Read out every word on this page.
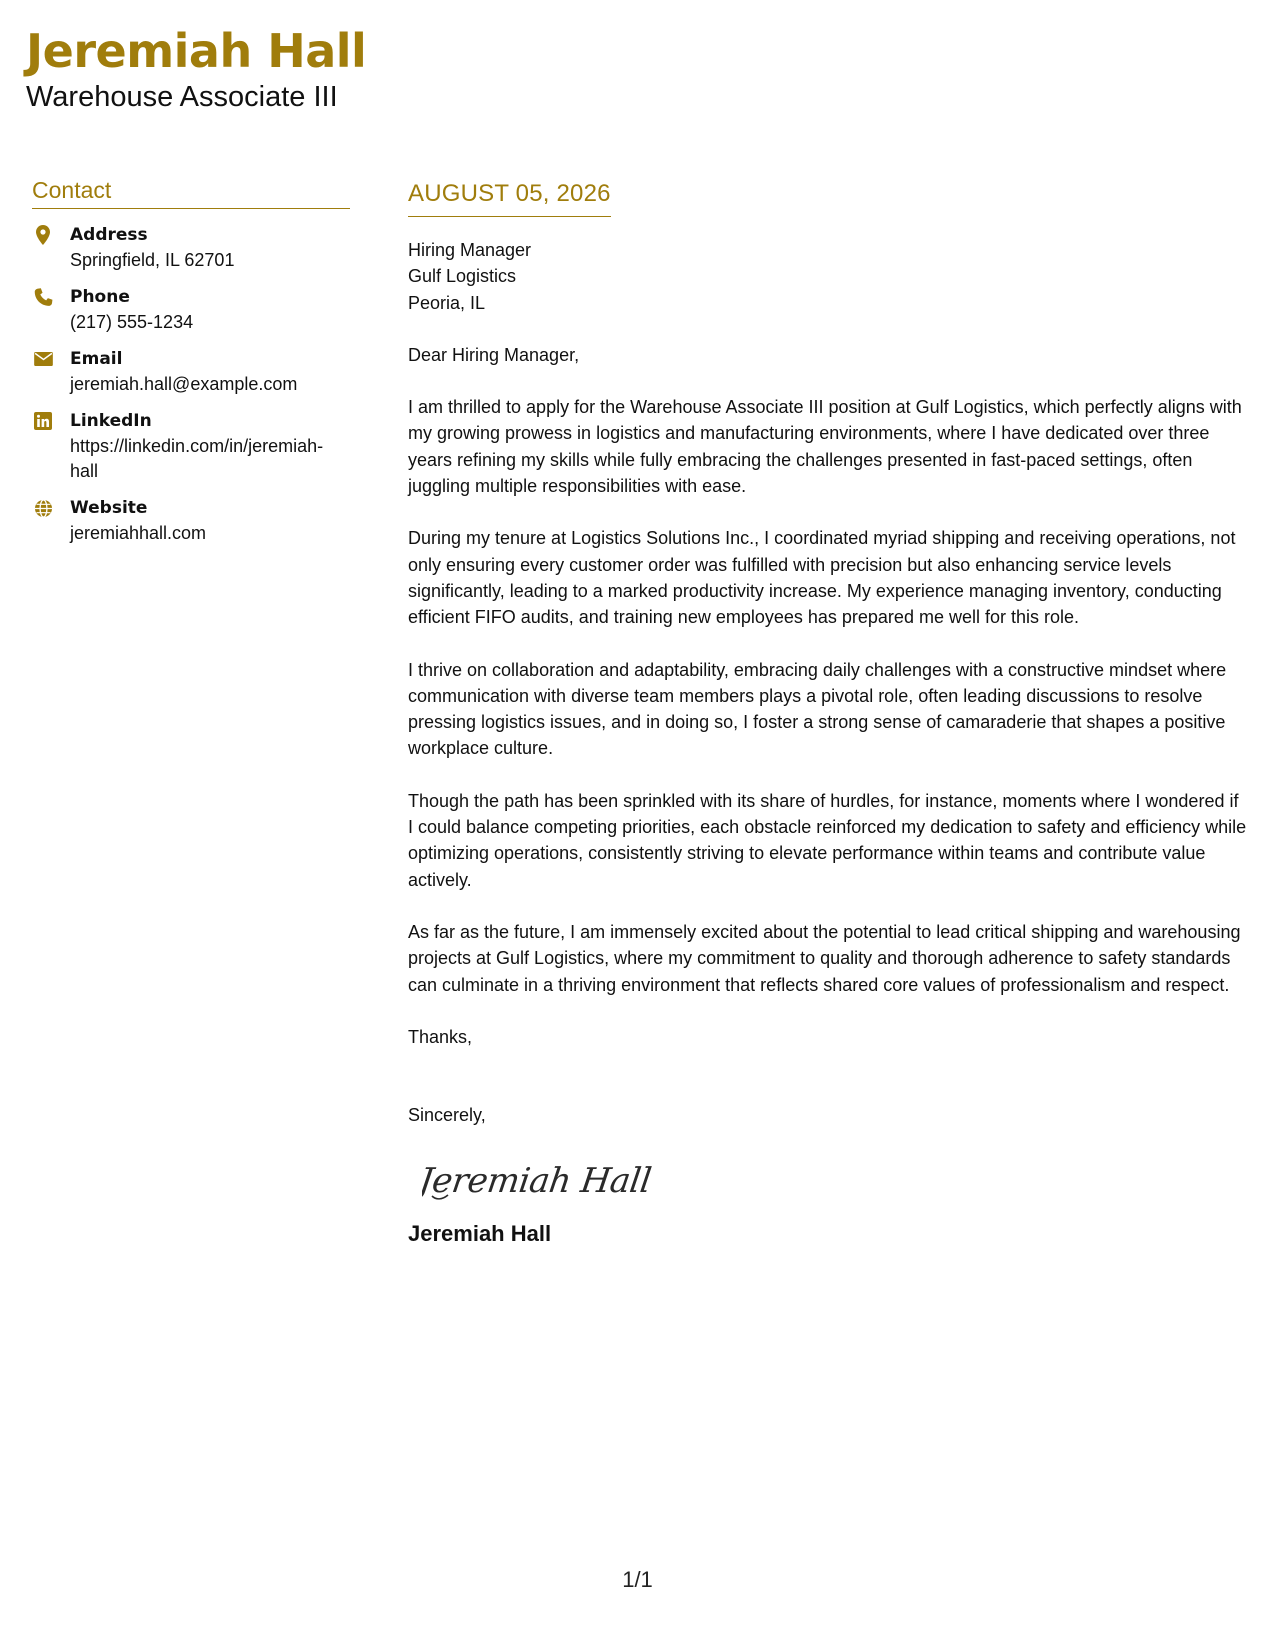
Jeremiah Hall
Warehouse Associate III
Contact
Address
Springfield, IL 62701
Phone
(217) 555-1234
Email
jeremiah.hall@example.com
LinkedIn
https://linkedin.com/in/jeremiah-hall
Website
jeremiahhall.com
AUGUST 05, 2026
Hiring Manager
Gulf Logistics
Peoria, IL
Dear Hiring Manager,

I am thrilled to apply for the Warehouse Associate III position at Gulf Logistics, which perfectly aligns with my growing prowess in logistics and manufacturing environments, where I have dedicated over three years refining my skills while fully embracing the challenges presented in fast-paced settings, often juggling multiple responsibilities with ease.

During my tenure at Logistics Solutions Inc., I coordinated myriad shipping and receiving operations, not only ensuring every customer order was fulfilled with precision but also enhancing service levels significantly, leading to a marked productivity increase. My experience managing inventory, conducting efficient FIFO audits, and training new employees has prepared me well for this role.

I thrive on collaboration and adaptability, embracing daily challenges with a constructive mindset where communication with diverse team members plays a pivotal role, often leading discussions to resolve pressing logistics issues, and in doing so, I foster a strong sense of camaraderie that shapes a positive workplace culture.

Though the path has been sprinkled with its share of hurdles, for instance, moments where I wondered if I could balance competing priorities, each obstacle reinforced my dedication to safety and efficiency while optimizing operations, consistently striving to elevate performance within teams and contribute value actively.

As far as the future, I am immensely excited about the potential to lead critical shipping and warehousing projects at Gulf Logistics, where my commitment to quality and thorough adherence to safety standards can culminate in a thriving environment that reflects shared core values of professionalism and respect.

Thanks,
Sincerely,
Jeremiah Hall
Jeremiah Hall
1/1
